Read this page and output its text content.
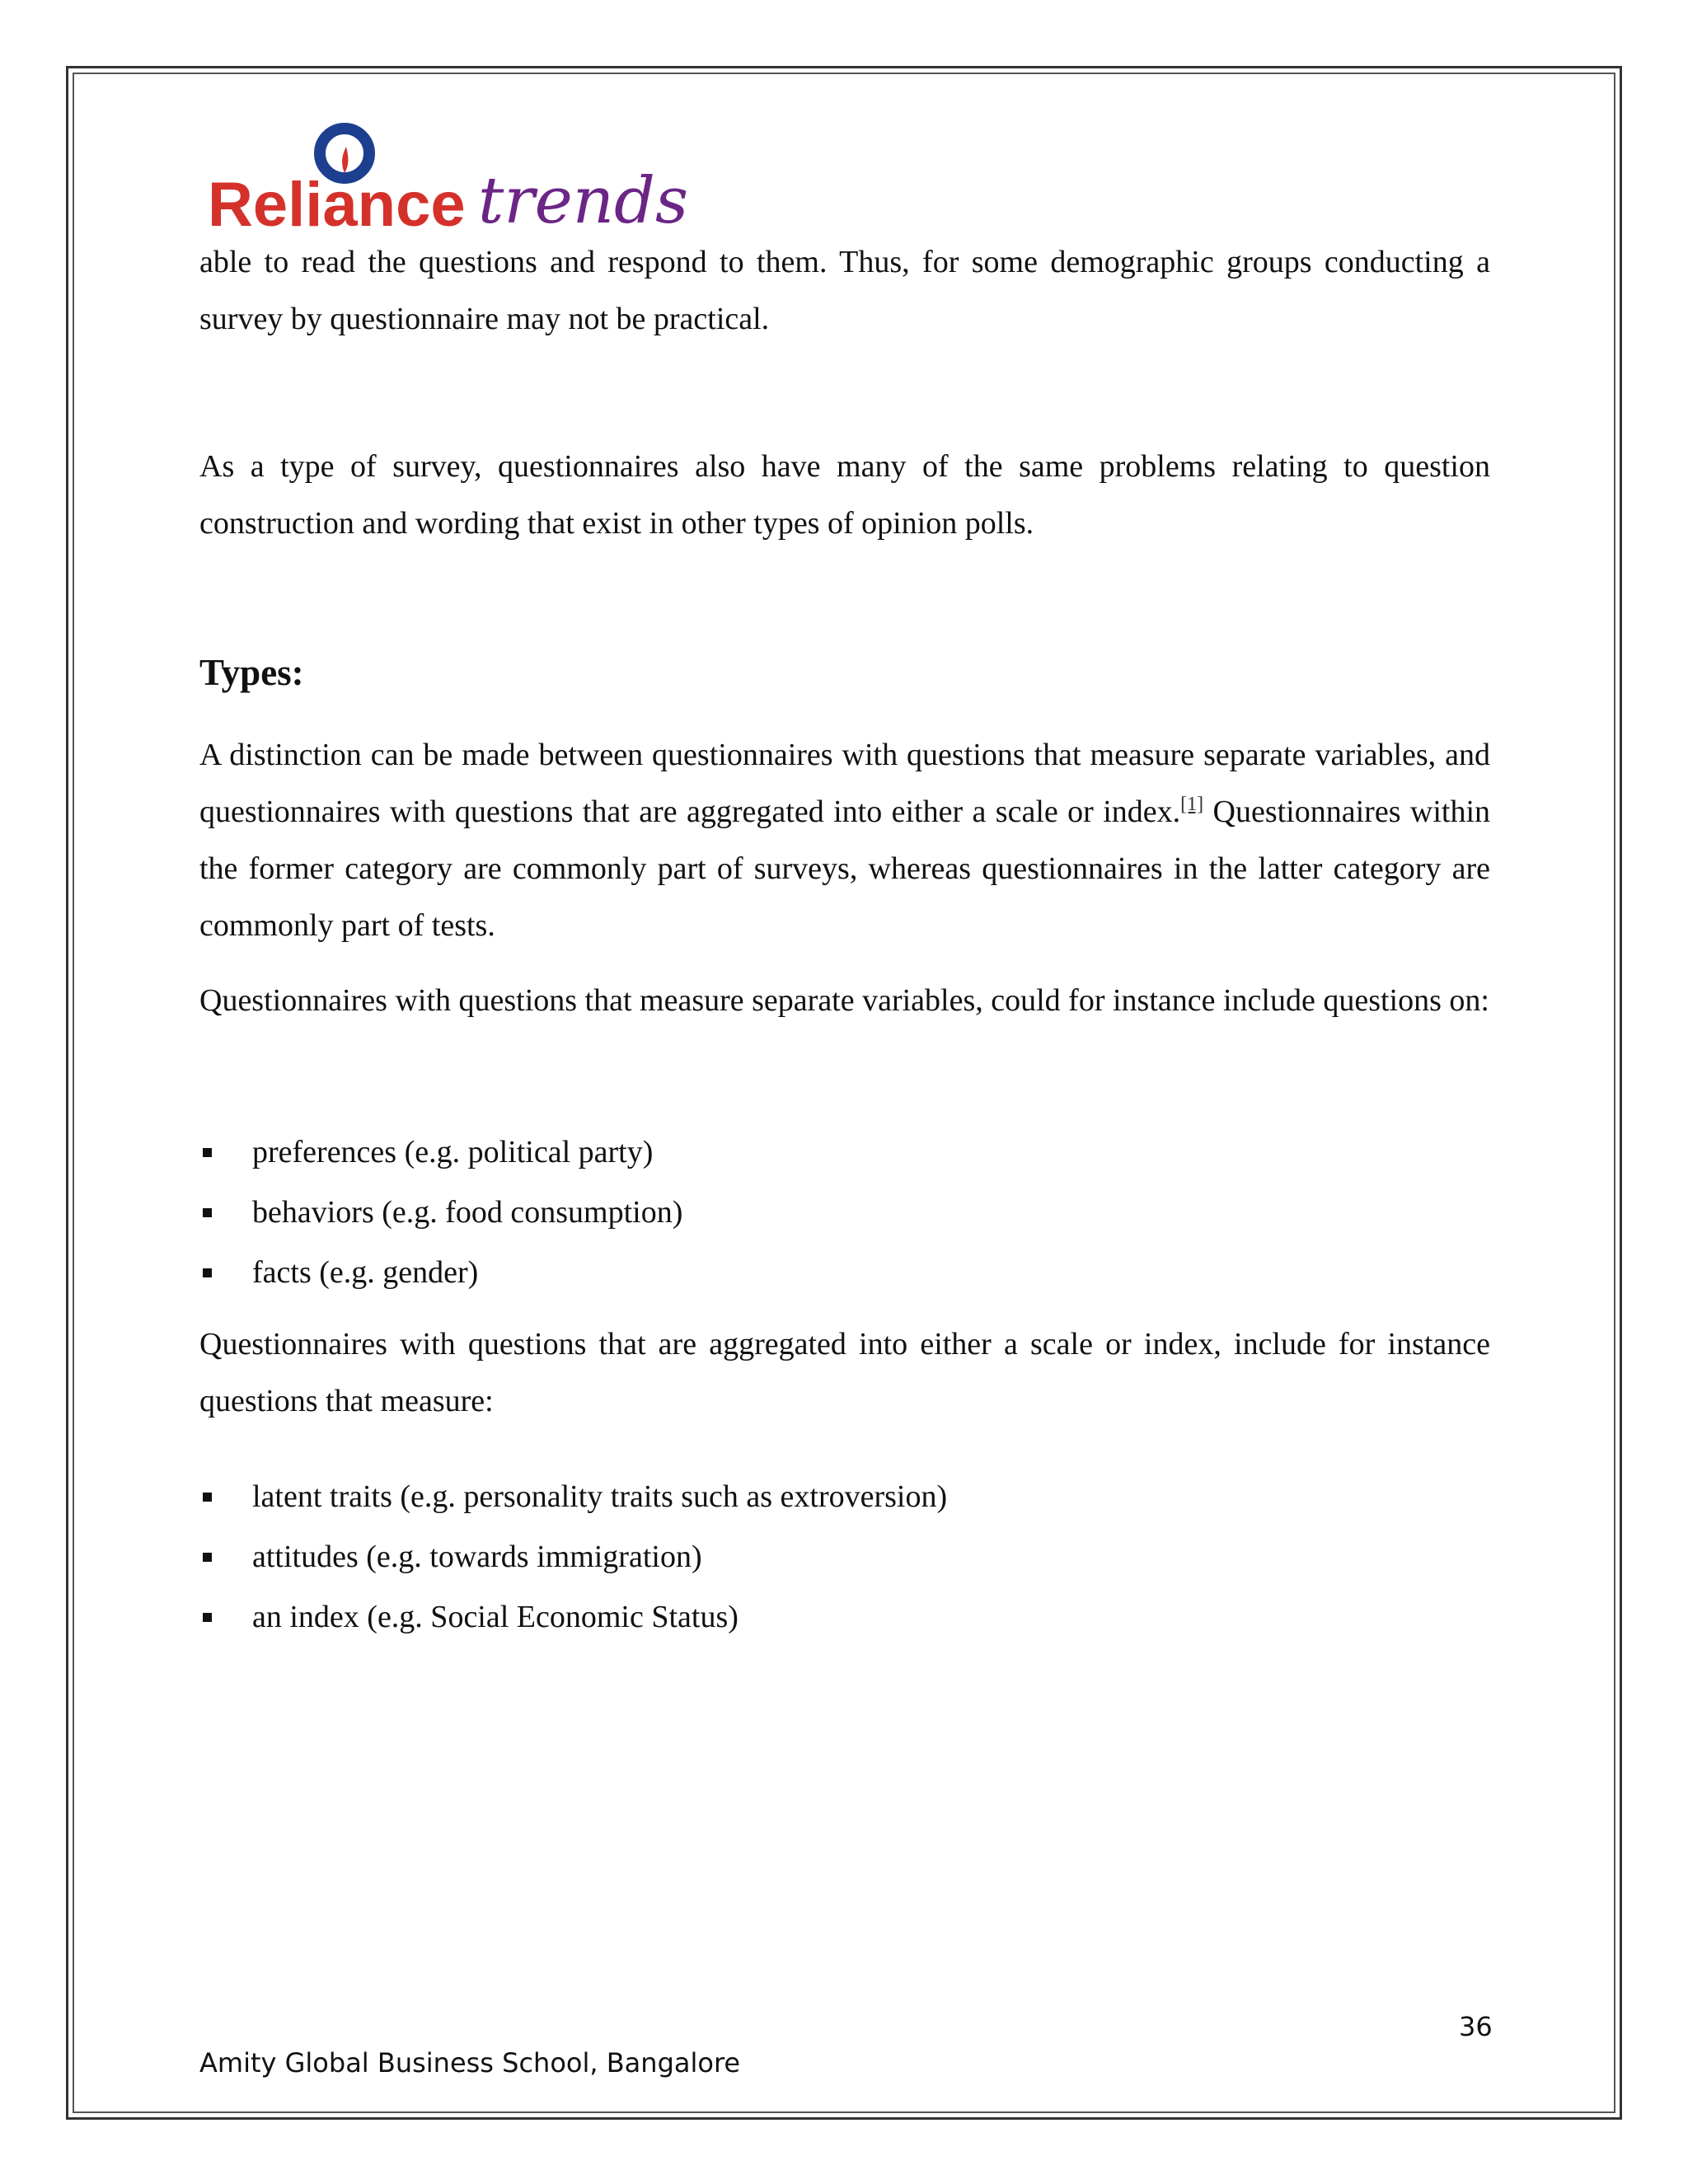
Reliance trends

able to read the questions and respond to them. Thus, for some demographic groups conducting a survey by questionnaire may not be practical.

As a type of survey, questionnaires also have many of the same problems relating to question construction and wording that exist in other types of opinion polls.

Types:

A distinction can be made between questionnaires with questions that measure separate variables, and questionnaires with questions that are aggregated into either a scale or index.[1] Questionnaires within the former category are commonly part of surveys, whereas questionnaires in the latter category are commonly part of tests.

Questionnaires with questions that measure separate variables, could for instance include questions on:

preferences (e.g. political party)
behaviors (e.g. food consumption)
facts (e.g. gender)

Questionnaires with questions that are aggregated into either a scale or index, include for instance questions that measure:

latent traits (e.g. personality traits such as extroversion)
attitudes (e.g. towards immigration)
an index (e.g. Social Economic Status)
36
Amity Global Business School, Bangalore
